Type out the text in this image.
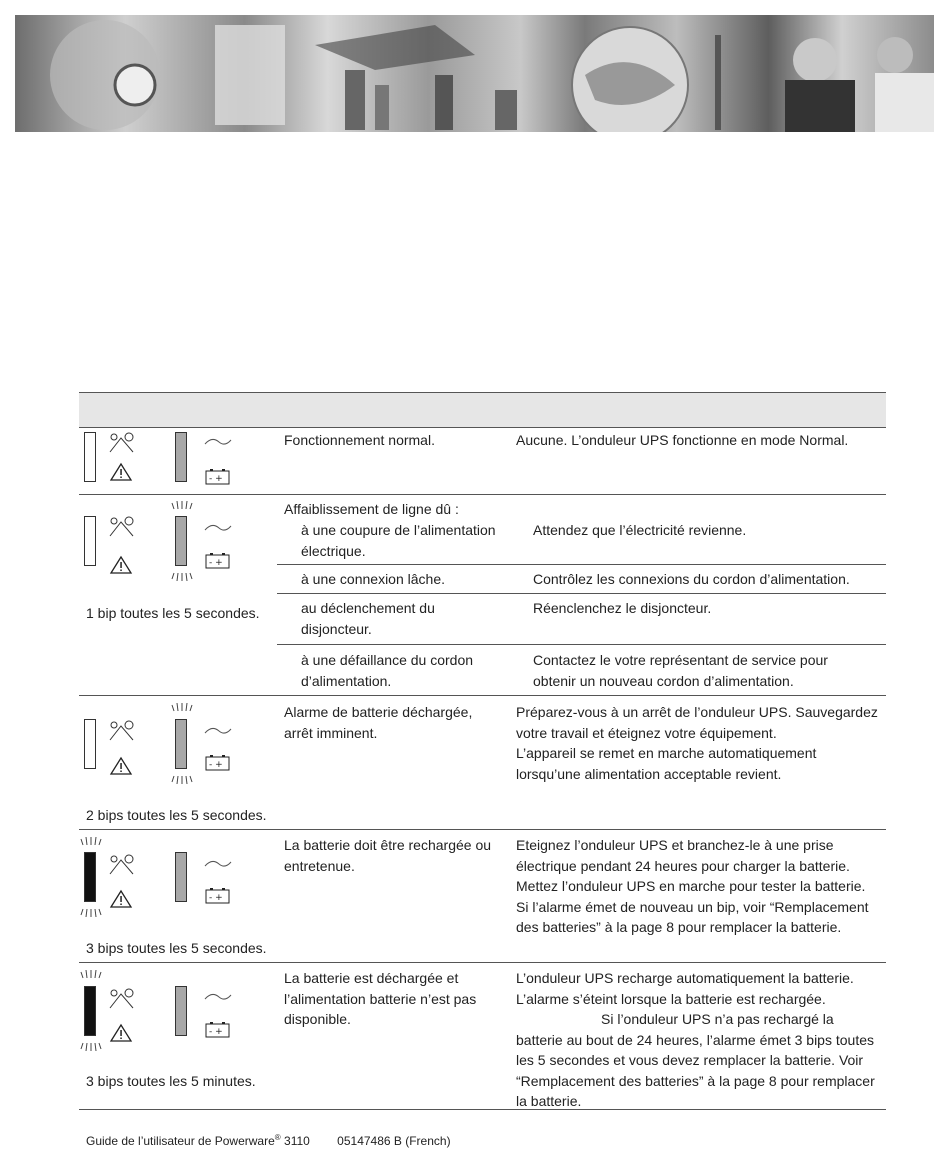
- +
Fonctionnement normal.	Aucune. L’onduleur UPS fonctionne en mode Normal.
- +
1 bip toutes les 5 secondes.
Affaiblissement de ligne dû :
à une coupure de l’alimentation électrique.
Attendez que l’électricité revienne.
à une connexion lâche.	Contrôlez les connexions du cordon d’alimentation.
au déclenchement du disjoncteur.
Réenclenchez le disjoncteur.
à une défaillance du cordon d’alimentation.
Contactez le votre représentant de service pour obtenir un nouveau cordon d’alimentation.
- +
2 bips toutes les 5 secondes.
Alarme de batterie déchargée, arrêt imminent.
Préparez-vous à un arrêt de l’onduleur UPS. Sauvegardez votre travail et éteignez votre équipement.
L’appareil se remet en marche automatiquement lorsqu’une alimentation acceptable revient.
- +
3 bips toutes les 5 secondes.
La batterie doit être rechargée ou entretenue.
Eteignez l’onduleur UPS et branchez-le à une prise électrique pendant 24 heures pour charger la batterie. Mettez l’onduleur UPS en marche pour tester la batterie. Si l’alarme émet de nouveau un bip, voir “Remplacement des batteries” à la page 8 pour remplacer la batterie.
- +
3 bips toutes les 5 minutes.
La batterie est déchargée et l’alimentation batterie n’est pas disponible.
L’onduleur UPS recharge automatiquement la batterie. L’alarme s’éteint lorsque la batterie est rechargée.
Si l’onduleur UPS n’a pas rechargé la batterie au bout de 24 heures, l’alarme émet 3 bips toutes les 5 secondes et vous devez remplacer la batterie. Voir “Remplacement des batteries” à la page 8 pour remplacer la batterie.
Guide de l’utilisateur de Powerware® 3110 05147486 B (French)
